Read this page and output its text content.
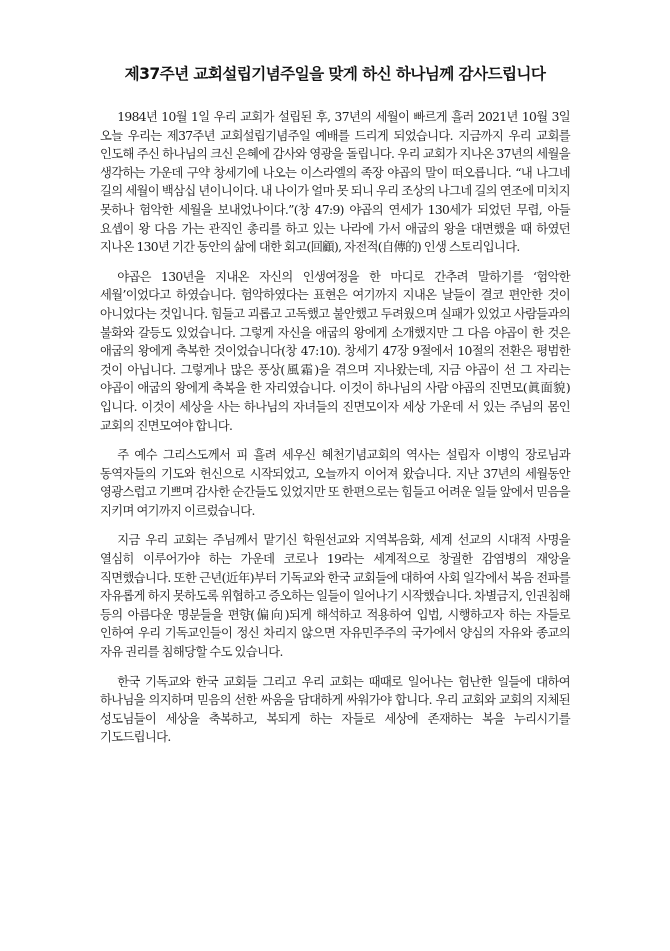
제37주년 교회설립기념주일을 맞게 하신 하나님께 감사드립니다

1984년 10월 1일 우리 교회가 설립된 후, 37년의 세월이 빠르게 흘러 2021년 10월 3일 오늘 우리는 제37주년 교회설립기념주일 예배를 드리게 되었습니다. 지금까지 우리 교회를 인도해 주신 하나님의 크신 은혜에 감사와 영광을 돌립니다. 우리 교회가 지나온 37년의 세월을 생각하는 가운데 구약 창세기에 나오는 이스라엘의 족장 야곱의 말이 떠오릅니다. “내 나그네 길의 세월이 백삼십 년이니이다. 내 나이가 얼마 못 되니 우리 조상의 나그네 길의 연조에 미치지 못하나 험악한 세월을 보내었나이다.”(창 47:9) 야곱의 연세가 130세가 되었던 무렵, 아들 요셉이 왕 다음 가는 관직인 총리를 하고 있는 나라에 가서 애굽의 왕을 대면했을 때 하였던 지나온 130년 기간 동안의 삶에 대한 회고(回顧), 자전적(自傳的) 인생 스토리입니다.

야곱은 130년을 지내온 자신의 인생여정을 한 마디로 간추려 말하기를 ‘험악한 세월’이었다고 하였습니다. 험악하였다는 표현은 여기까지 지내온 날들이 결코 편안한 것이 아니었다는 것입니다. 힘들고 괴롭고 고독했고 불안했고 두려웠으며 실패가 있었고 사람들과의 불화와 갈등도 있었습니다. 그렇게 자신을 애굽의 왕에게 소개했지만 그 다음 야곱이 한 것은 애굽의 왕에게 축복한 것이었습니다(창 47:10). 창세기 47장 9절에서 10절의 전환은 평범한 것이 아닙니다. 그렇게나 많은 풍상(風霜)을 겪으며 지나왔는데, 지금 야곱이 선 그 자리는 야곱이 애굽의 왕에게 축복을 한 자리였습니다. 이것이 하나님의 사람 야곱의 진면모(眞面貌)입니다. 이것이 세상을 사는 하나님의 자녀들의 진면모이자 세상 가운데 서 있는 주님의 몸인 교회의 진면모여야 합니다.

주 예수 그리스도께서 피 흘려 세우신 혜천기념교회의 역사는 설립자 이병익 장로님과 동역자들의 기도와 헌신으로 시작되었고, 오늘까지 이어져 왔습니다. 지난 37년의 세월동안 영광스럽고 기쁘며 감사한 순간들도 있었지만 또 한편으로는 힘들고 어려운 일들 앞에서 믿음을 지키며 여기까지 이르렀습니다.

지금 우리 교회는 주님께서 맡기신 학원선교와 지역복음화, 세계 선교의 시대적 사명을 열심히 이루어가야 하는 가운데 코로나 19라는 세계적으로 창궐한 감염병의 재앙을 직면했습니다. 또한 근년(近年)부터 기독교와 한국 교회들에 대하여 사회 일각에서 복음 전파를 자유롭게 하지 못하도록 위협하고 증오하는 일들이 일어나기 시작했습니다. 차별금지, 인권침해 등의 아름다운 명분들을 편향(偏向)되게 해석하고 적용하여 입법, 시행하고자 하는 자들로 인하여 우리 기독교인들이 정신 차리지 않으면 자유민주주의 국가에서 양심의 자유와 종교의 자유 권리를 침해당할 수도 있습니다.

한국 기독교와 한국 교회들 그리고 우리 교회는 때때로 일어나는 험난한 일들에 대하여 하나님을 의지하며 믿음의 선한 싸움을 담대하게 싸워가야 합니다. 우리 교회와 교회의 지체된 성도님들이 세상을 축복하고, 복되게 하는 자들로 세상에 존재하는 복을 누리시기를 기도드립니다.
